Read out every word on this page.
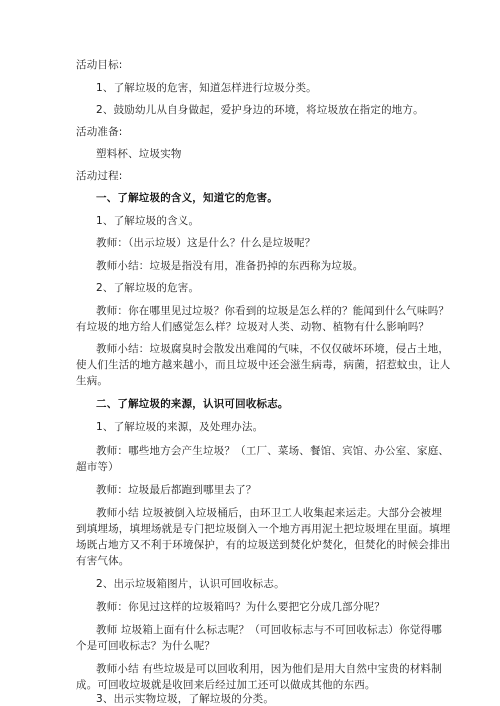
活动目标:
1、了解垃圾的危害，知道怎样进行垃圾分类。
2、鼓励幼儿从自身做起，爱护身边的环境，将垃圾放在指定的地方。
活动准备:
塑料杯、垃圾实物
活动过程:
一、了解垃圾的含义，知道它的危害。
1、了解垃圾的含义。
教师：（出示垃圾）这是什么？什么是垃圾呢？
教师小结：垃圾是指没有用，准备扔掉的东西称为垃圾。
2、了解垃圾的危害。
教师：你在哪里见过垃圾？你看到的垃圾是怎么样的？能闻到什么气味吗？
有垃圾的地方给人们感觉怎么样？垃圾对人类、动物、植物有什么影响吗？
教师小结：垃圾腐臭时会散发出难闻的气味，不仅仅破坏环境，侵占土地，
使人们生活的地方越来越小，而且垃圾中还会滋生病毒，病菌，招惹蚊虫，让人
生病。
二、了解垃圾的来源，认识可回收标志。
1、了解垃圾的来源，及处理办法。
教师：哪些地方会产生垃圾？（工厂、菜场、餐馆、宾馆、办公室、家庭、
超市等）
教师：垃圾最后都跑到哪里去了？
教师小结 垃圾被倒入垃圾桶后，由环卫工人收集起来运走。大部分会被埋
到填埋场，填埋场就是专门把垃圾倒入一个地方再用泥土把垃圾埋在里面。填埋
场既占地方又不利于环境保护，有的垃圾送到焚化炉焚化，但焚化的时候会排出
有害气体。
2、出示垃圾箱图片，认识可回收标志。
教师：你见过这样的垃圾箱吗？为什么要把它分成几部分呢？
教师 垃圾箱上面有什么标志呢？（可回收标志与不可回收标志）你觉得哪
个是可回收标志？为什么呢？
教师小结 有些垃圾是可以回收利用，因为他们是用大自然中宝贵的材料制
成。可回收垃圾就是收回来后经过加工还可以做成其他的东西。
3、出示实物垃圾，了解垃圾的分类。
